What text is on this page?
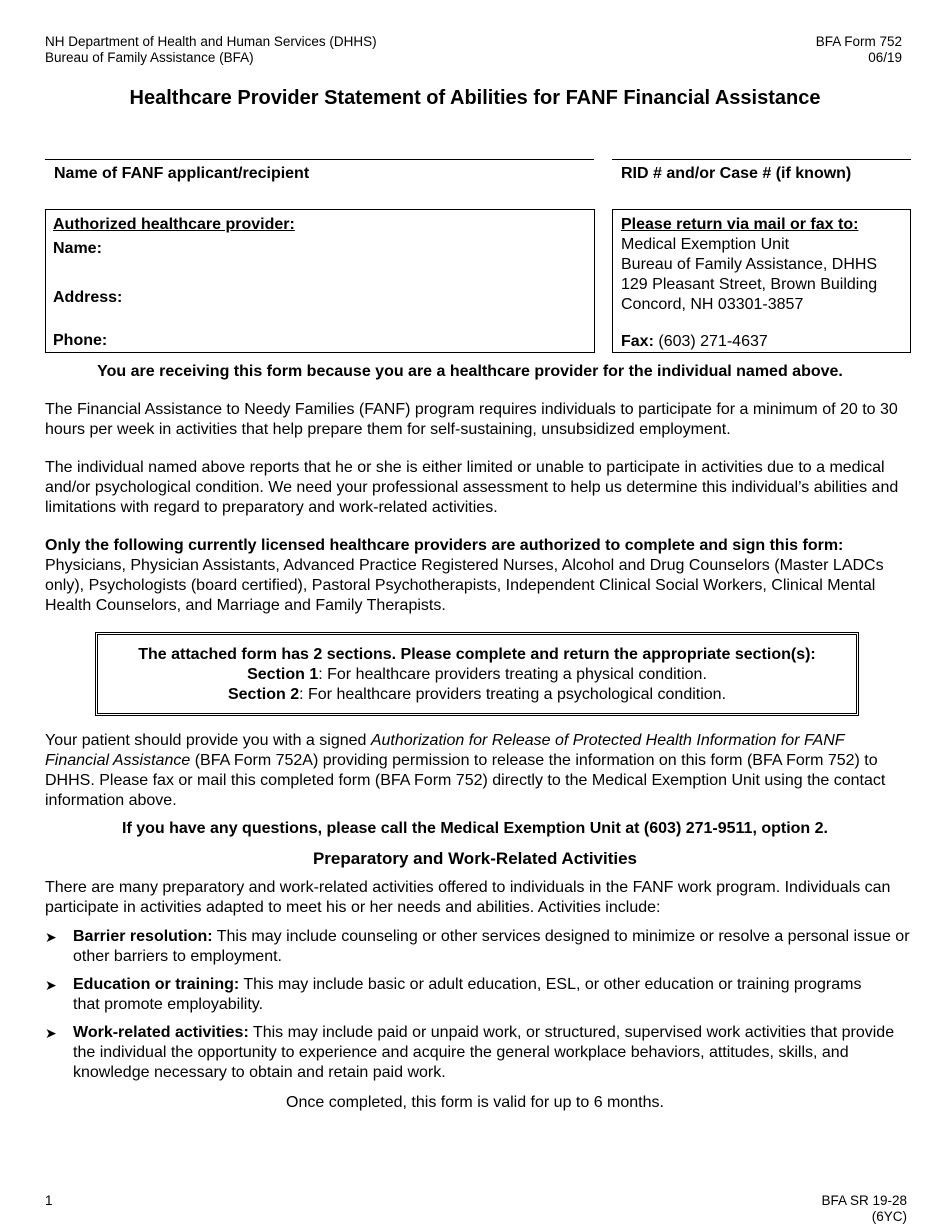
NH Department of Health and Human Services (DHHS)
Bureau of Family Assistance (BFA)
BFA Form 752
06/19
Healthcare Provider Statement of Abilities for FANF Financial Assistance
Name of FANF applicant/recipient	RID # and/or Case # (if known)
Authorized healthcare provider:
Name:
Address:
Phone:
Please return via mail or fax to:
Medical Exemption Unit
Bureau of Family Assistance, DHHS
129 Pleasant Street, Brown Building
Concord, NH 03301-3857
Fax: (603) 271-4637
You are receiving this form because you are a healthcare provider for the individual named above.
The Financial Assistance to Needy Families (FANF) program requires individuals to participate for a minimum of 20 to 30 hours per week in activities that help prepare them for self-sustaining, unsubsidized employment.
The individual named above reports that he or she is either limited or unable to participate in activities due to a medical and/or psychological condition. We need your professional assessment to help us determine this individual’s abilities and limitations with regard to preparatory and work-related activities.
Only the following currently licensed healthcare providers are authorized to complete and sign this form: Physicians, Physician Assistants, Advanced Practice Registered Nurses, Alcohol and Drug Counselors (Master LADCs only), Psychologists (board certified), Pastoral Psychotherapists, Independent Clinical Social Workers, Clinical Mental Health Counselors, and Marriage and Family Therapists.
The attached form has 2 sections. Please complete and return the appropriate section(s):
Section 1: For healthcare providers treating a physical condition.
Section 2: For healthcare providers treating a psychological condition.
Your patient should provide you with a signed Authorization for Release of Protected Health Information for FANF Financial Assistance (BFA Form 752A) providing permission to release the information on this form (BFA Form 752) to DHHS. Please fax or mail this completed form (BFA Form 752) directly to the Medical Exemption Unit using the contact information above.
If you have any questions, please call the Medical Exemption Unit at (603) 271-9511, option 2.
Preparatory and Work-Related Activities
There are many preparatory and work-related activities offered to individuals in the FANF work program. Individuals can participate in activities adapted to meet his or her needs and abilities. Activities include:
➤ Barrier resolution: This may include counseling or other services designed to minimize or resolve a personal issue or other barriers to employment.
➤ Education or training: This may include basic or adult education, ESL, or other education or training programs that promote employability.
➤ Work-related activities: This may include paid or unpaid work, or structured, supervised work activities that provide the individual the opportunity to experience and acquire the general workplace behaviors, attitudes, skills, and knowledge necessary to obtain and retain paid work.
Once completed, this form is valid for up to 6 months.
1	BFA SR 19-28
(6YC)
